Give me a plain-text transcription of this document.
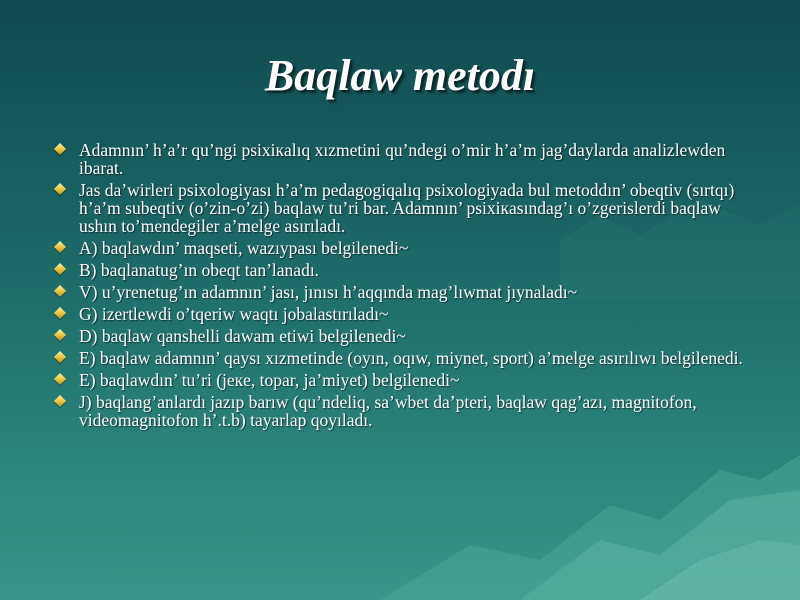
Baqlaw metodı
Adamnın’ h’a’r qu’ngi psixiкalıq xızmetini qu’ndegi o’mir h’a’m jag’daylarda analizlewden ibarat.
Jas da’wirleri psixologiyası h’a’m pedagogiqalıq psixologiyada bul metoddın’ obeqtiv (sırtqı) h’a’m subeqtiv (o’zin-o’zi) baqlaw tu’ri bar. Adamnın’ psixiкasındag’ı o’zgerislerdi baqlaw ushın to’mendegiler a’melge asırıladı.
A) baqlawdın’ maqseti, wazıypası belgilenedi~
B) baqlanatug’ın obeqt tan’lanadı.
V) u’yrenetug’ın adamnın’ jası, jınısı h’aqqında mag’lıwmat jıynaladı~
G) izertlewdi o’tqeriw waqtı jobalastırıladı~
D) baqlaw qanshelli dawam etiwi belgilenedi~
E) baqlaw adamnın’ qaysı xızmetinde (oyın, oqıw, miynet, sport) a’melge asırılıwı belgilenedi.
E) baqlawdın’ tu’ri (jeкe, topar, ja’miyet) belgilenedi~
J) baqlang’anlardı jazıp barıw (qu’ndeliq, sa’wbet da’pteri, baqlaw qag’azı, magnitofon, videomagnitofon h’.t.b) tayarlap qoyıladı.
